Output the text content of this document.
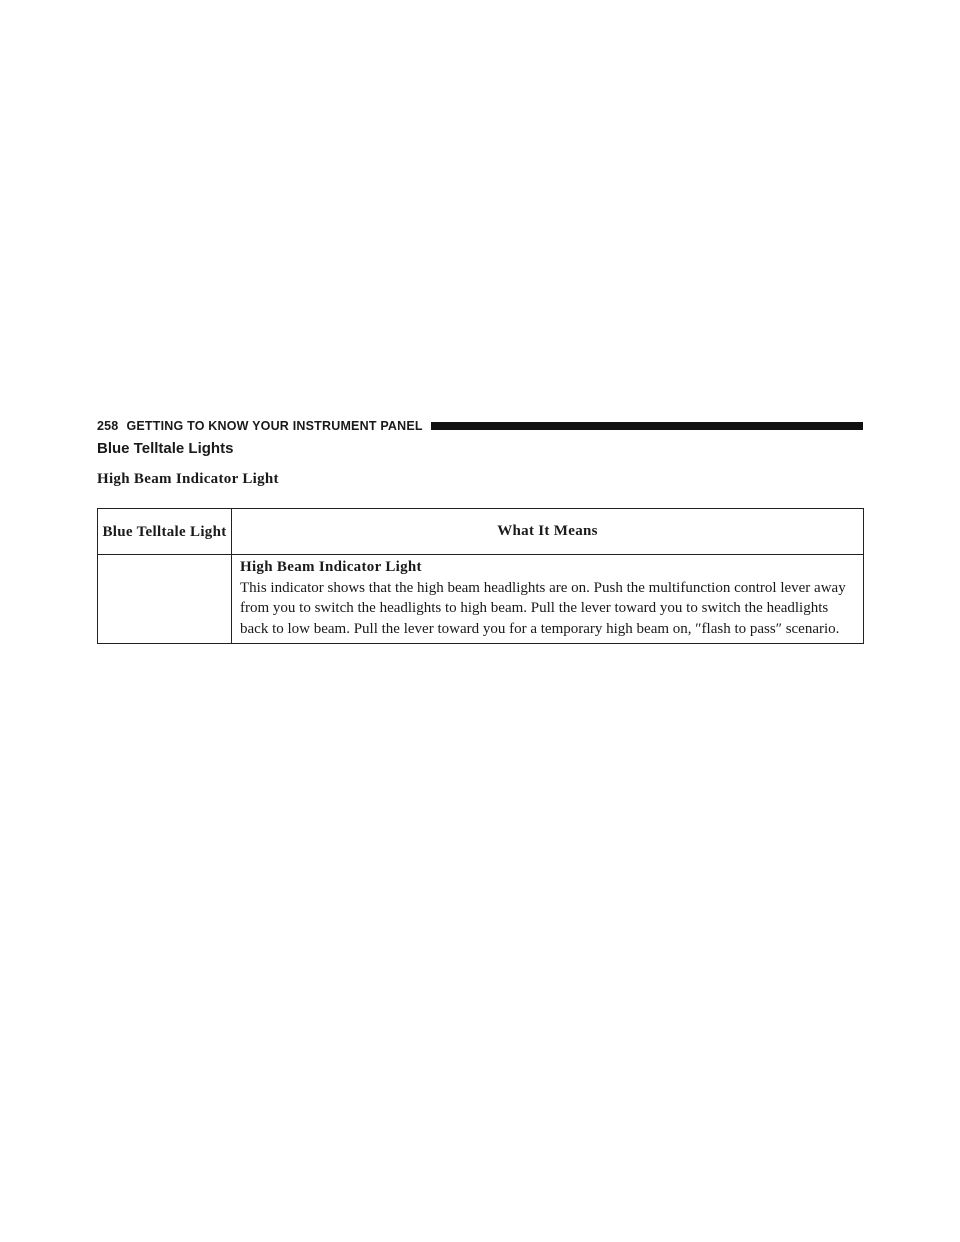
258 GETTING TO KNOW YOUR INSTRUMENT PANEL
Blue Telltale Lights
High Beam Indicator Light
Blue Telltale Light	What It Means

	High Beam Indicator Light
This indicator shows that the high beam headlights are on. Push the multifunction control lever away from you to switch the headlights to high beam. Pull the lever toward you to switch the headlights back to low beam. Pull the lever toward you for a temporary high beam on, ″flash to pass″ scenario.
